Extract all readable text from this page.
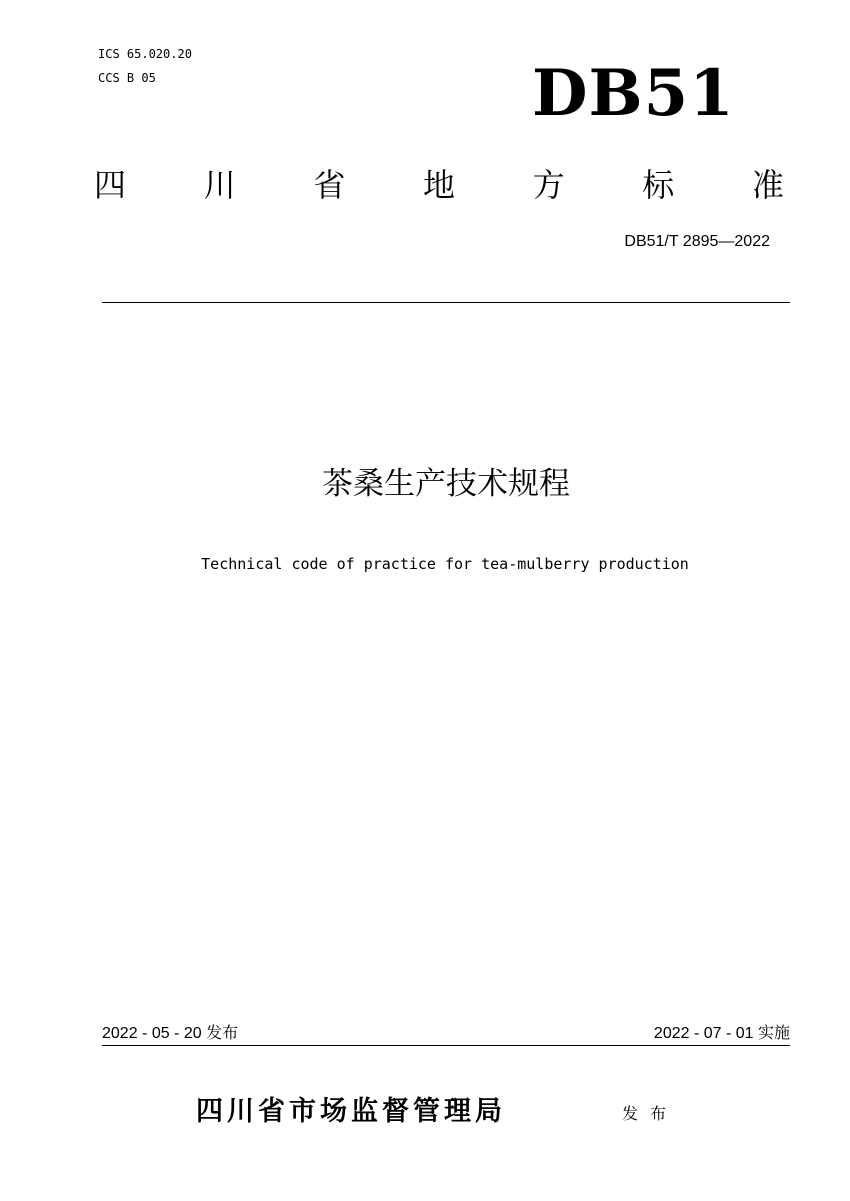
ICS 65.020.20
CCS B 05	DB51
四 川 省 地 方 标 准
DB51/T 2895—2022
茶桑生产技术规程
Technical code of practice for tea-mulberry production
2022 - 05 - 20 发布	2022 - 07 - 01 实施
四川省市场监督管理局	发布
